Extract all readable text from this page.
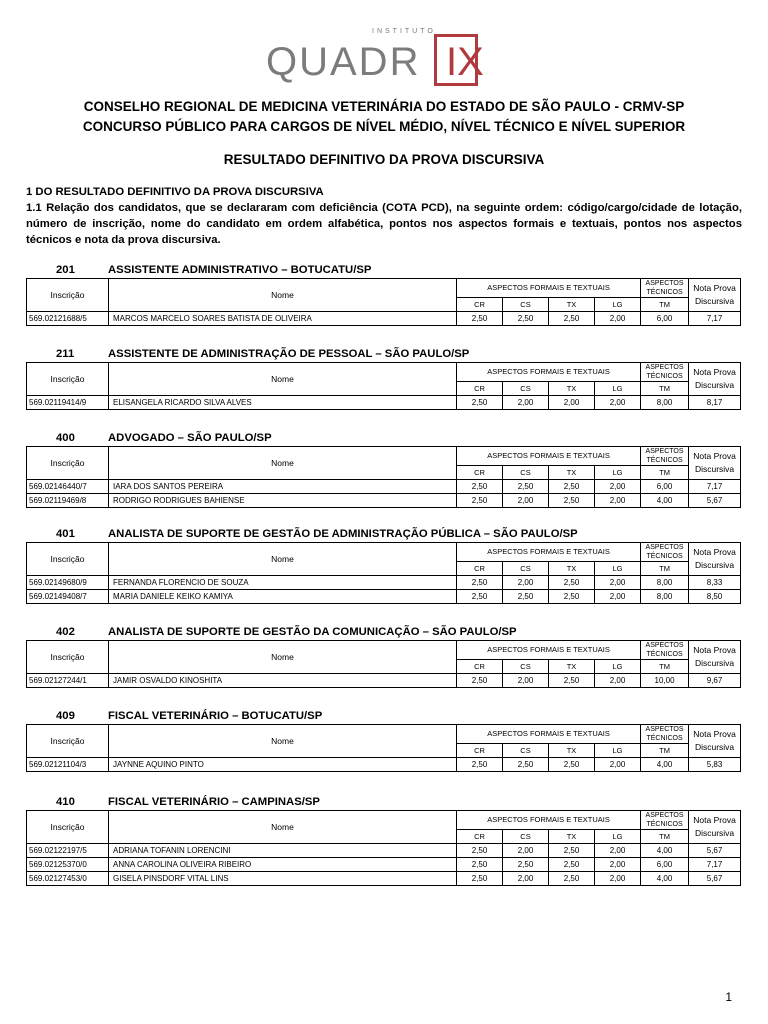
INSTITUTO
QUADR IX
CONSELHO REGIONAL DE MEDICINA VETERINÁRIA DO ESTADO DE SÃO PAULO - CRMV-SP
CONCURSO PÚBLICO PARA CARGOS DE NÍVEL MÉDIO, NÍVEL TÉCNICO E NÍVEL SUPERIOR
RESULTADO DEFINITIVO DA PROVA DISCURSIVA

1 DO RESULTADO DEFINITIVO DA PROVA DISCURSIVA

1.1 Relação dos candidatos, que se declararam com deficiência (COTA PCD), na seguinte ordem: código/cargo/cidade de lotação, número de inscrição, nome do candidato em ordem alfabética, pontos nos aspectos formais e textuais, pontos nos aspectos técnicos e nota da prova discursiva.

201	ASSISTENTE ADMINISTRATIVO – BOTUCATU/SP
Inscrição	Nome	ASPECTOS FORMAIS E TEXTUAIS				ASPECTOS TÉCNICOS	Nota Prova Discursiva
		CR	CS	TX	LG	TM	
569.02121688/5	MARCOS MARCELO SOARES BATISTA DE OLIVEIRA	2,50	2,50	2,50	2,00	6,00	7,17
211	ASSISTENTE DE ADMINISTRAÇÃO DE PESSOAL – SÃO PAULO/SP
Inscrição	Nome	ASPECTOS FORMAIS E TEXTUAIS				ASPECTOS TÉCNICOS	Nota Prova Discursiva
		CR	CS	TX	LG	TM	
569.02119414/9	ELISANGELA RICARDO SILVA ALVES	2,50	2,00	2,00	2,00	8,00	8,17
400	ADVOGADO – SÃO PAULO/SP
Inscrição	Nome	ASPECTOS FORMAIS E TEXTUAIS				ASPECTOS TÉCNICOS	Nota Prova Discursiva
		CR	CS	TX	LG	TM	
569.02146440/7	IARA DOS SANTOS PEREIRA	2,50	2,50	2,50	2,00	6,00	7,17
569.02119469/8	RODRIGO RODRIGUES BAHIENSE	2,50	2,00	2,50	2,00	4,00	5,67
401	ANALISTA DE SUPORTE DE GESTÃO DE ADMINISTRAÇÃO PÚBLICA – SÃO PAULO/SP
Inscrição	Nome	ASPECTOS FORMAIS E TEXTUAIS				ASPECTOS TÉCNICOS	Nota Prova Discursiva
		CR	CS	TX	LG	TM	
569.02149680/9	FERNANDA FLORENCIO DE SOUZA	2,50	2,00	2,50	2,00	8,00	8,33
569.02149408/7	MARIA DANIELE KEIKO KAMIYA	2,50	2,50	2,50	2,00	8,00	8,50
402	ANALISTA DE SUPORTE DE GESTÃO DA COMUNICAÇÃO – SÃO PAULO/SP
Inscrição	Nome	ASPECTOS FORMAIS E TEXTUAIS				ASPECTOS TÉCNICOS	Nota Prova Discursiva
		CR	CS	TX	LG	TM	
569.02127244/1	JAMIR OSVALDO KINOSHITA	2,50	2,00	2,50	2,00	10,00	9,67
409	FISCAL VETERINÁRIO – BOTUCATU/SP
Inscrição	Nome	ASPECTOS FORMAIS E TEXTUAIS				ASPECTOS TÉCNICOS	Nota Prova Discursiva
		CR	CS	TX	LG	TM	
569.02121104/3	JAYNNE AQUINO PINTO	2,50	2,50	2,50	2,00	4,00	5,83
410	FISCAL VETERINÁRIO – CAMPINAS/SP
Inscrição	Nome	ASPECTOS FORMAIS E TEXTUAIS				ASPECTOS TÉCNICOS	Nota Prova Discursiva
		CR	CS	TX	LG	TM	
569.02122197/5	ADRIANA TOFANIN LORENCINI	2,50	2,00	2,50	2,00	4,00	5,67
569.02125370/0	ANNA CAROLINA OLIVEIRA RIBEIRO	2,50	2,50	2,50	2,00	6,00	7,17
569.02127453/0	GISELA PINSDORF VITAL LINS	2,50	2,00	2,50	2,00	4,00	5,67
1
